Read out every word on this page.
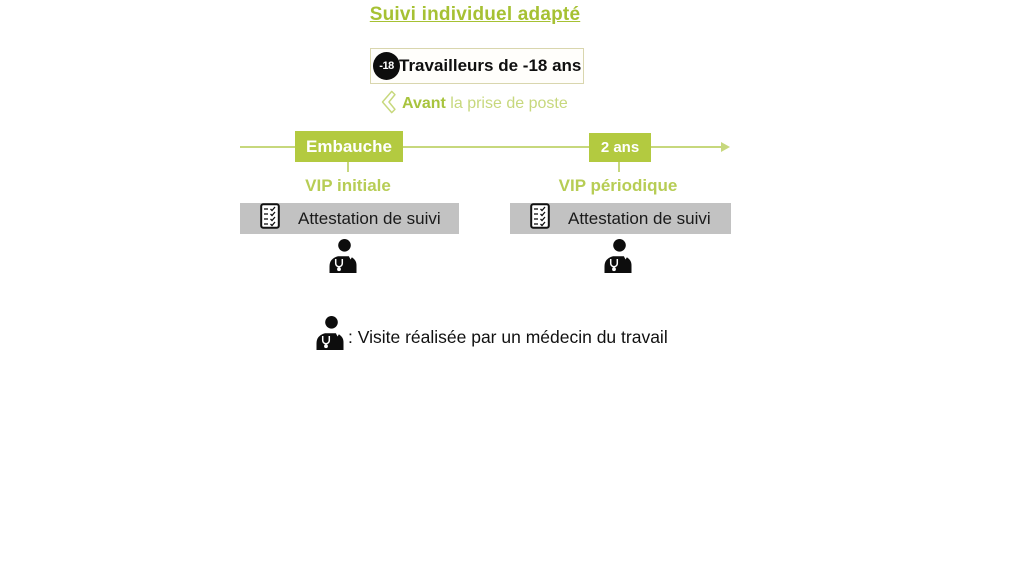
Suivi individuel adapté
-18 Travailleurs de -18 ans
Avant la prise de poste
Embauche	2 ans
VIP initiale	VIP périodique
Attestation de suivi	Attestation de suivi
: Visite réalisée par un médecin du travail
